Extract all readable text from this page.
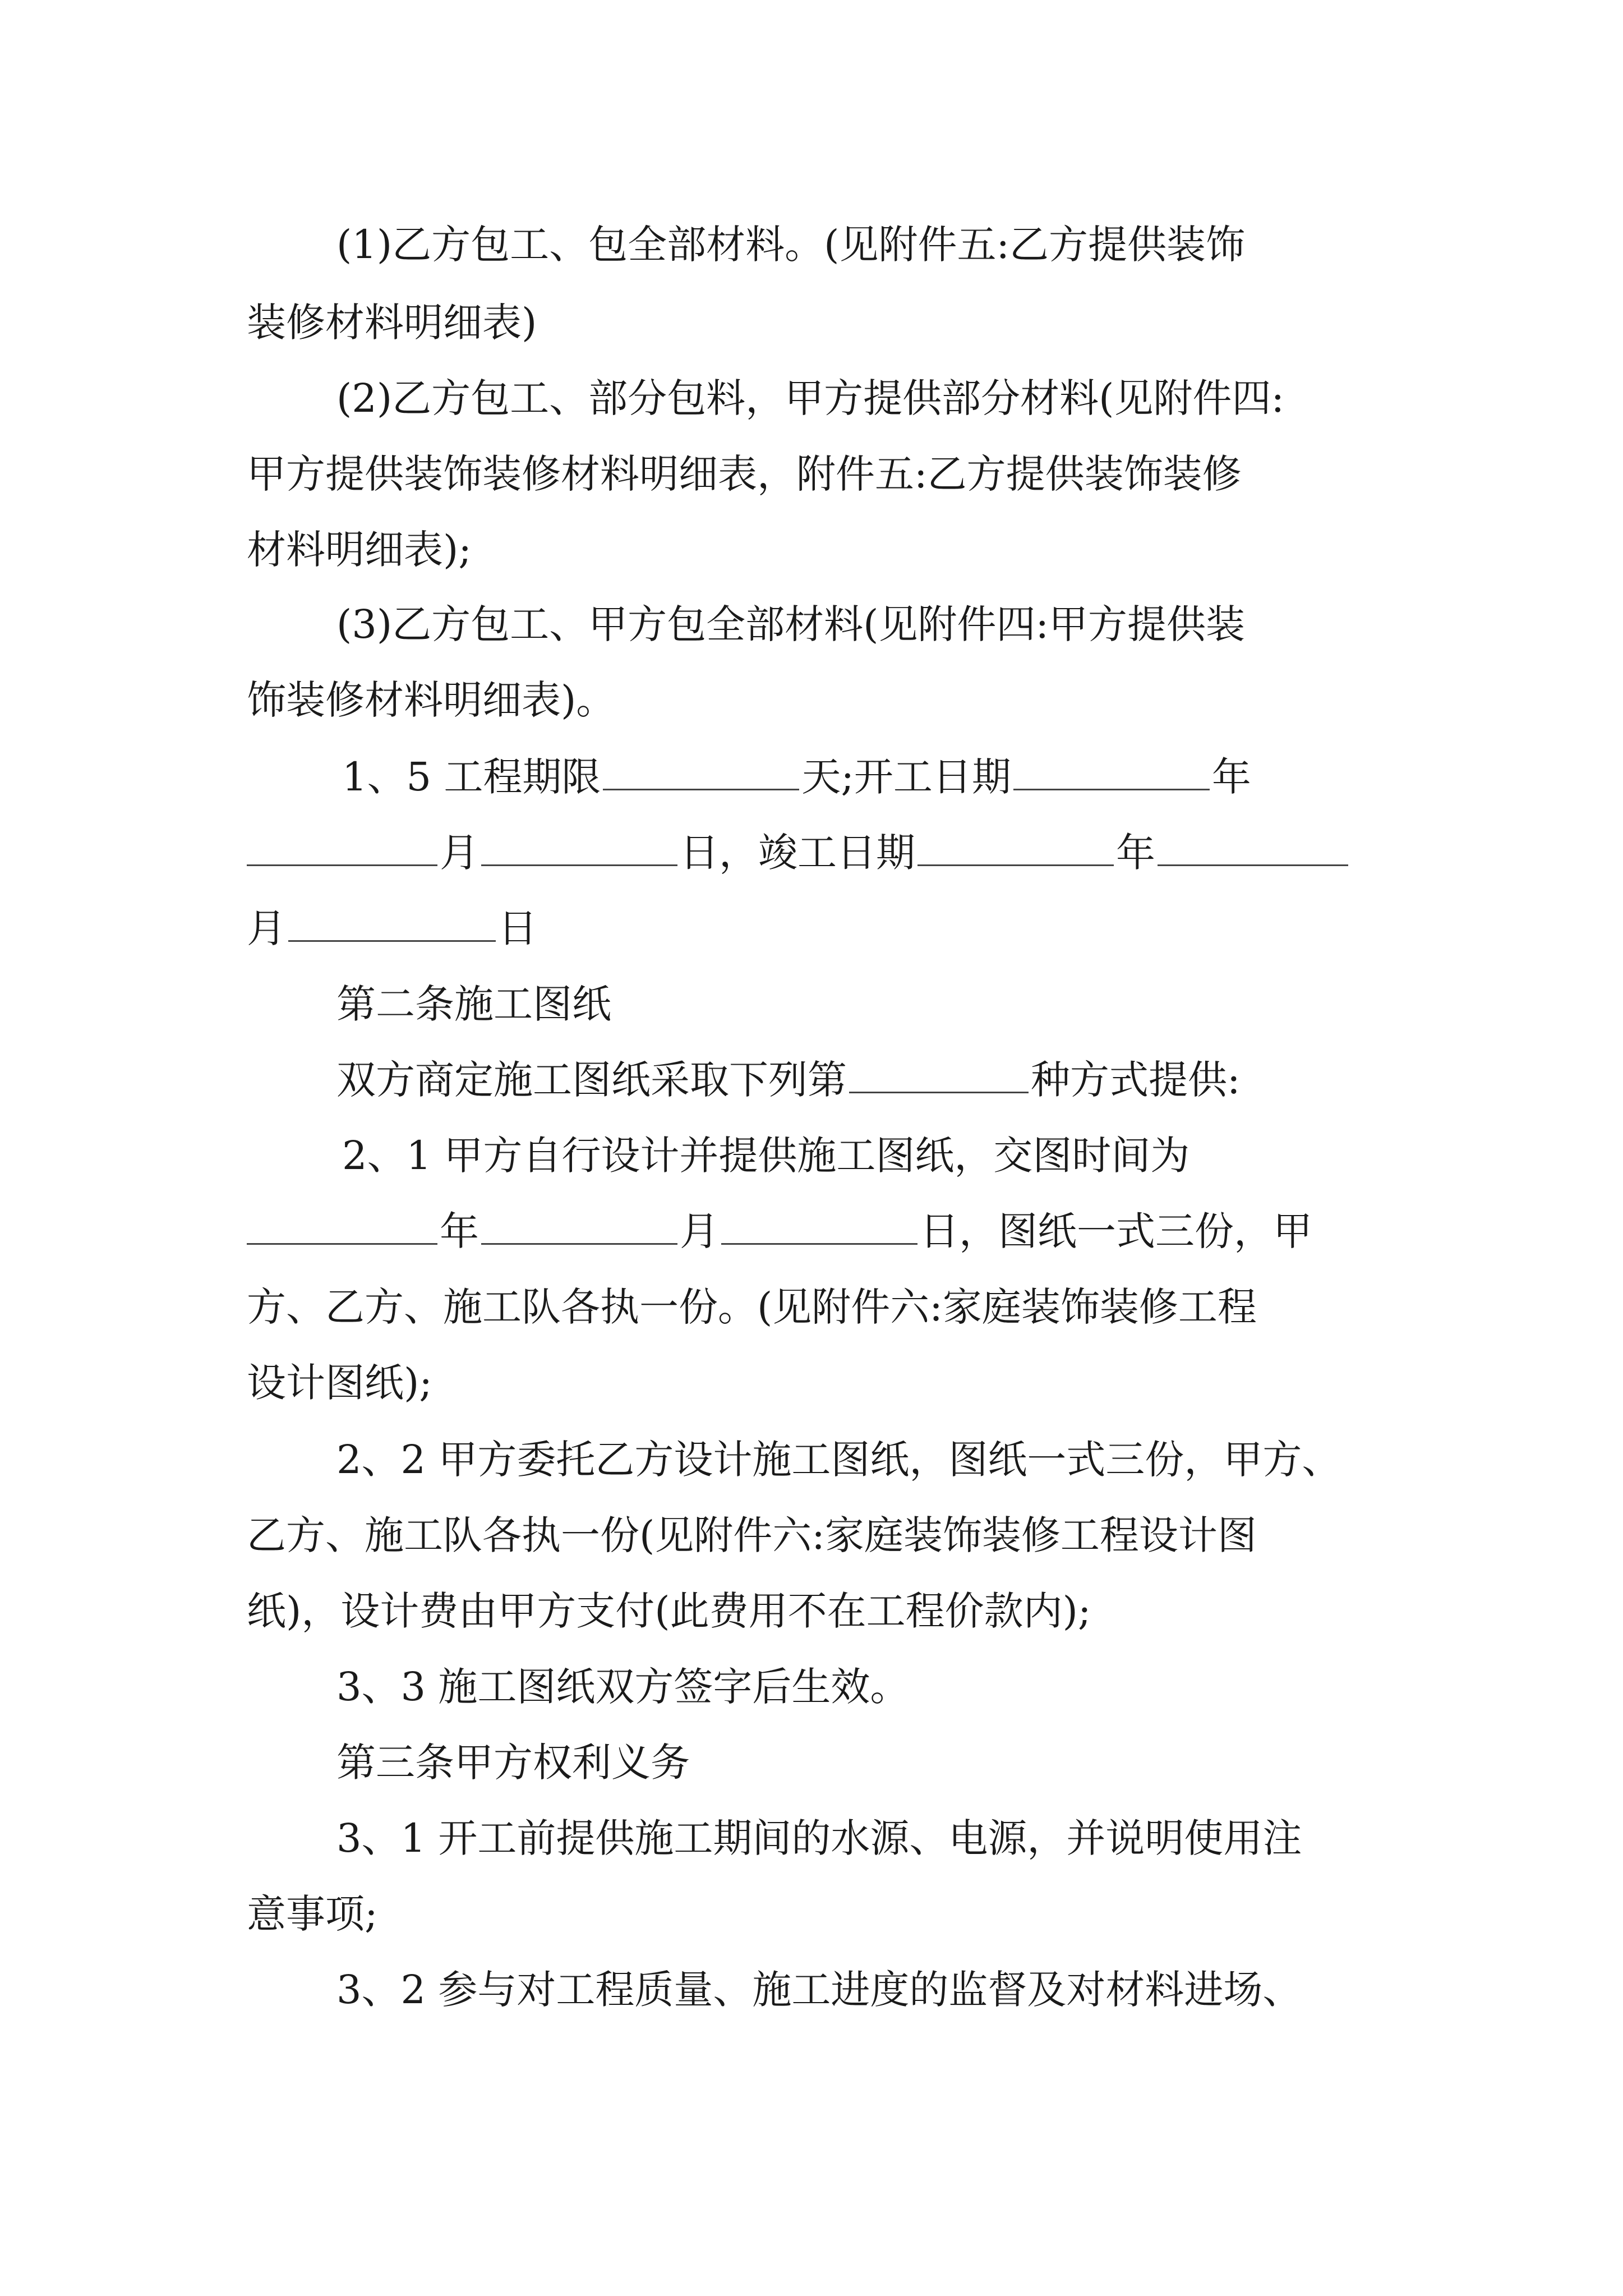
(1)乙方包工、包全部材料。(见附件五:乙方提供装饰
装修材料明细表)
(2)乙方包工、部分包料，甲方提供部分材料(见附件四:
甲方提供装饰装修材料明细表，附件五:乙方提供装饰装修
材料明细表);
(3)乙方包工、甲方包全部材料(见附件四:甲方提供装
饰装修材料明细表)。
1、5 工程期限	天;开工日期	年
月	日，竣工日期	年
月	日
第二条施工图纸
双方商定施工图纸采取下列第	种方式提供:
2、1 甲方自行设计并提供施工图纸，交图时间为
年	月	日，图纸一式三份，甲
方、乙方、施工队各执一份。(见附件六:家庭装饰装修工程
设计图纸);
2、2 甲方委托乙方设计施工图纸，图纸一式三份，甲方、
乙方、施工队各执一份(见附件六:家庭装饰装修工程设计图
纸)，设计费由甲方支付(此费用不在工程价款内);
3、3 施工图纸双方签字后生效。
第三条甲方权利义务
3、1 开工前提供施工期间的水源、电源，并说明使用注
意事项;
3、2 参与对工程质量、施工进度的监督及对材料进场、
